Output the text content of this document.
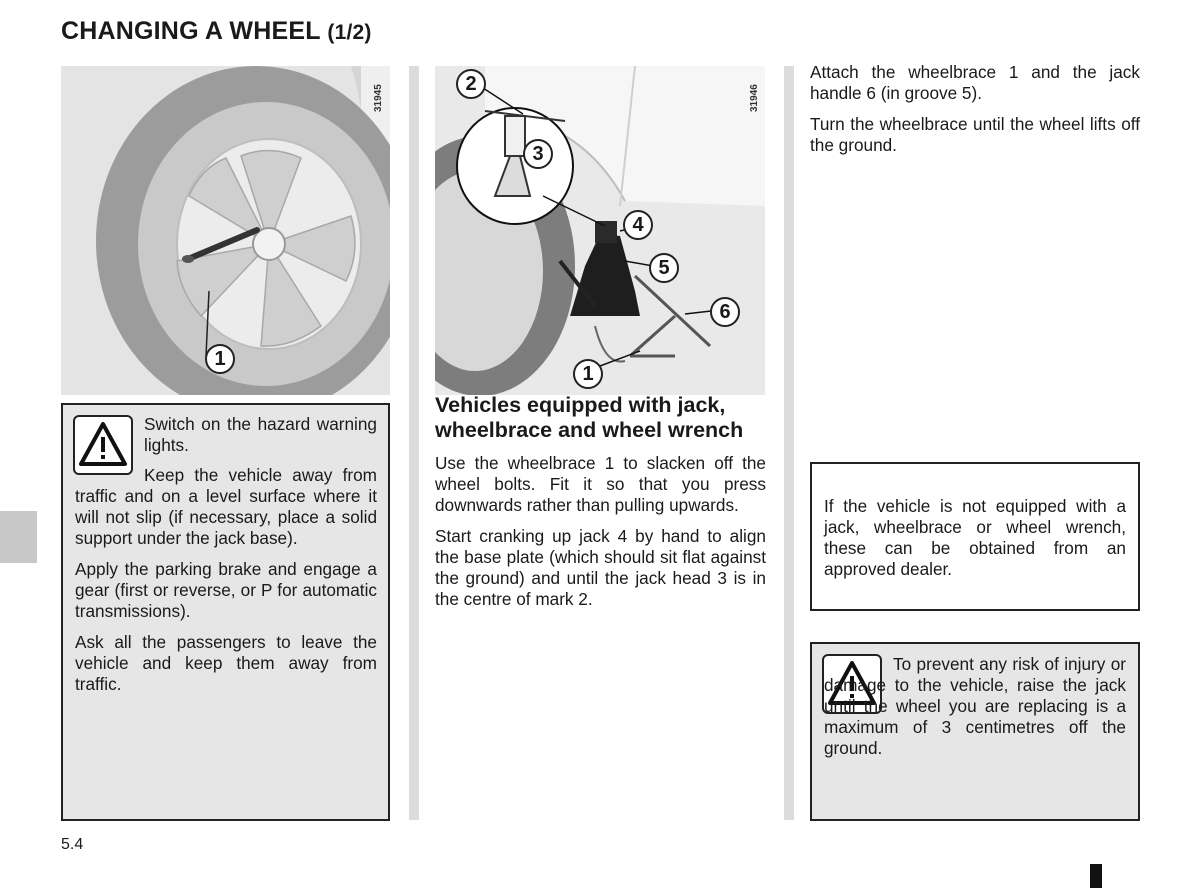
CHANGING A WHEEL (1/2)
1
31945
2
3
4
5
6
1
31946

Switch on the hazard warning lights.

Keep the vehicle away from traffic and on a level surface where it will not slip (if necessary, place a solid support under the jack base).

Apply the parking brake and engage a gear (first or reverse, or P for automatic transmissions).

Ask all the passengers to leave the vehicle and keep them away from traffic.

Vehicles equipped with jack, wheelbrace and wheel wrench

Use the wheelbrace 1 to slacken off the wheel bolts. Fit it so that you press downwards rather than pulling upwards.

Start cranking up jack 4 by hand to align the base plate (which should sit flat against the ground) and until the jack head 3 is in the centre of mark 2.

Attach the wheelbrace 1 and the jack handle 6 (in groove 5).

Turn the wheelbrace until the wheel lifts off the ground.

If the vehicle is not equipped with a jack, wheelbrace or wheel wrench, these can be obtained from an approved dealer.

To prevent any risk of injury or damage to the vehicle, raise the jack until the wheel you are replacing is a maximum of 3 centimetres off the ground.

5.4
